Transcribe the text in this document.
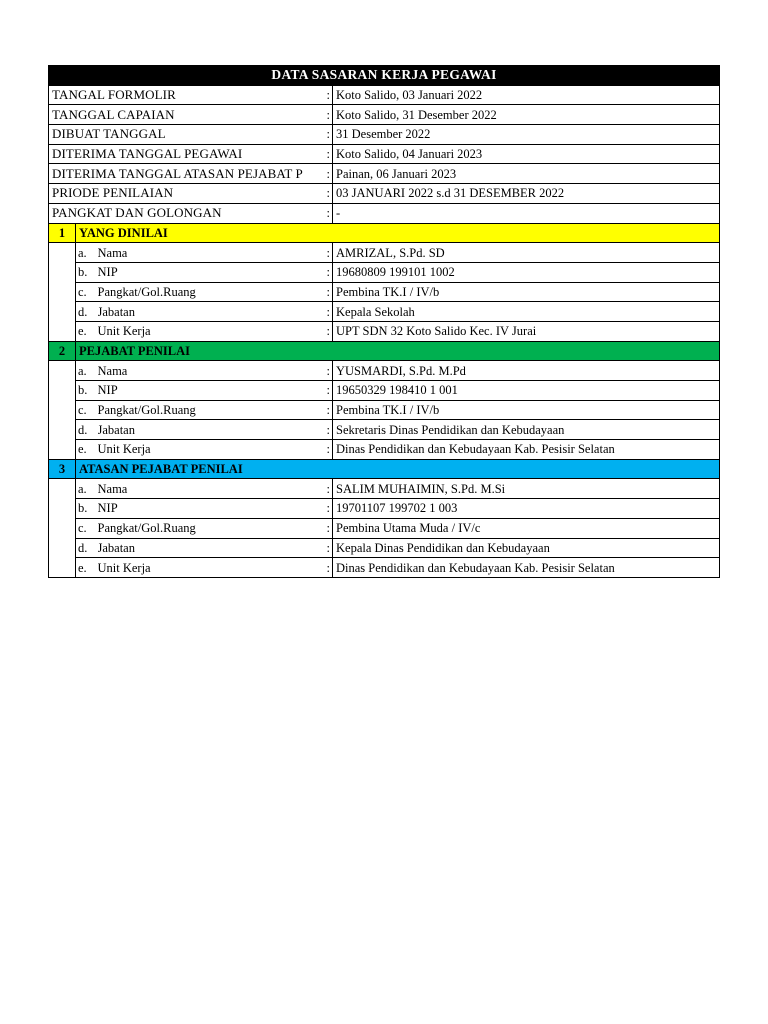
DATA SASARAN KERJA PEGAWAI				
TANGAL FORMOLIR			:	Koto Salido, 03 Januari 2022
TANGGAL CAPAIAN			:	Koto Salido, 31 Desember 2022
DIBUAT TANGGAL			:	31 Desember 2022
DITERIMA TANGGAL PEGAWAI			:	Koto Salido, 04 Januari 2023
DITERIMA TANGGAL ATASAN PEJABAT P			:	Painan, 06 Januari 2023
PRIODE PENILAIAN			:	03 JANUARI 2022 s.d 31 DESEMBER 2022
PANGKAT DAN GOLONGAN			:	-
1	YANG DINILAI			
	a.	Nama	:	AMRIZAL, S.Pd. SD
	b.	NIP	:	19680809 199101 1002
	c.	Pangkat/Gol.Ruang	:	Pembina TK.I / IV/b
	d.	Jabatan	:	Kepala Sekolah
	e.	Unit Kerja	:	UPT SDN 32 Koto Salido Kec. IV Jurai
2	PEJABAT PENILAI			
	a.	Nama	:	YUSMARDI, S.Pd. M.Pd
	b.	NIP	:	19650329 198410 1 001
	c.	Pangkat/Gol.Ruang	:	Pembina TK.I / IV/b
	d.	Jabatan	:	Sekretaris Dinas Pendidikan dan Kebudayaan
	e.	Unit Kerja	:	Dinas Pendidikan dan Kebudayaan Kab. Pesisir Selatan
3	ATASAN PEJABAT PENILAI			
	a.	Nama	:	SALIM MUHAIMIN, S.Pd. M.Si
	b.	NIP	:	19701107 199702 1 003
	c.	Pangkat/Gol.Ruang	:	Pembina Utama Muda / IV/c
	d.	Jabatan	:	Kepala Dinas Pendidikan dan Kebudayaan
	e.	Unit Kerja	:	Dinas Pendidikan dan Kebudayaan Kab. Pesisir Selatan
